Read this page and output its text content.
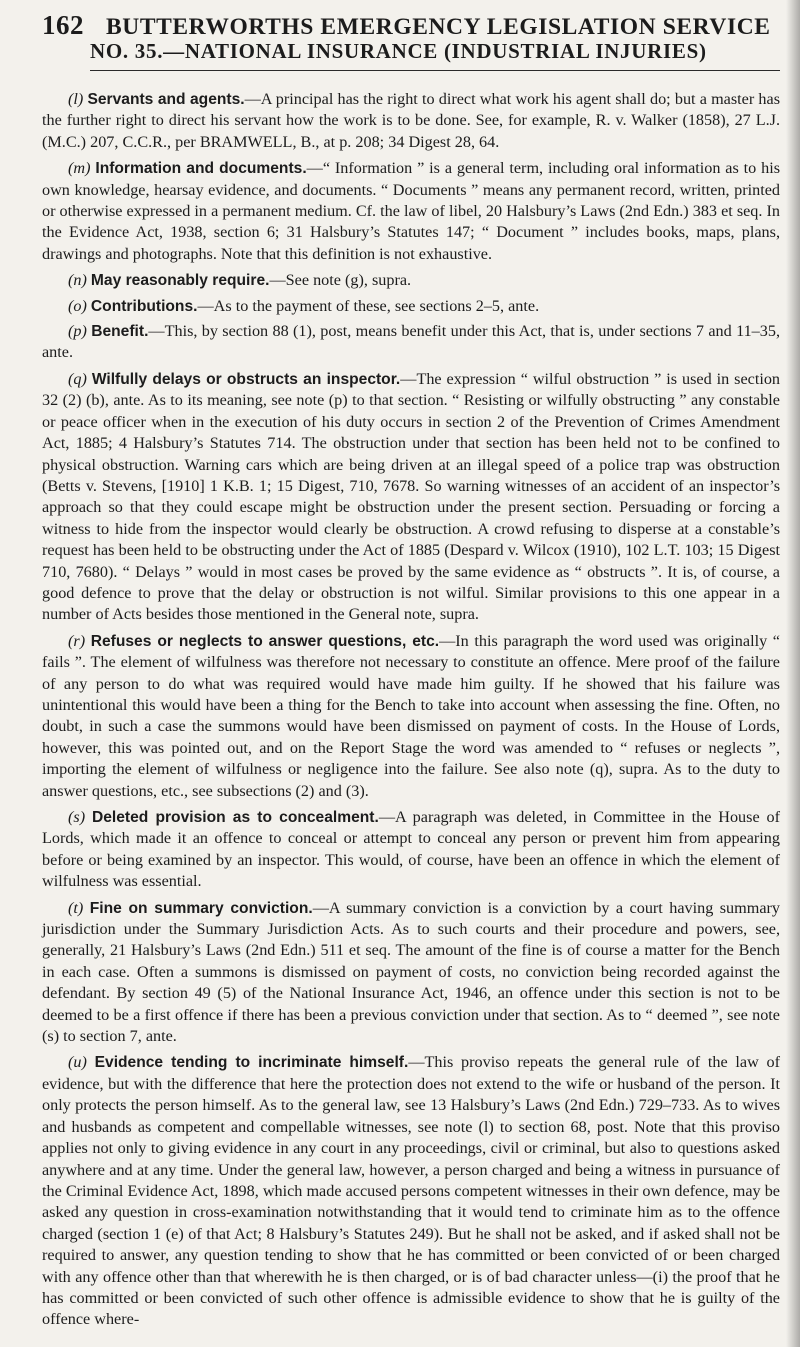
162 BUTTERWORTHS EMERGENCY LEGISLATION SERVICE
NO. 35.—NATIONAL INSURANCE (INDUSTRIAL INJURIES)

(l) Servants and agents.—A principal has the right to direct what work his agent shall do; but a master has the further right to direct his servant how the work is to be done. See, for example, R. v. Walker (1858), 27 L.J. (M.C.) 207, C.C.R., per BRAMWELL, B., at p. 208; 34 Digest 28, 64.

(m) Information and documents.—“ Information ” is a general term, including oral information as to his own knowledge, hearsay evidence, and documents. “ Documents ” means any permanent record, written, printed or otherwise expressed in a permanent medium. Cf. the law of libel, 20 Halsbury’s Laws (2nd Edn.) 383 et seq. In the Evidence Act, 1938, section 6; 31 Halsbury’s Statutes 147; “ Document ” includes books, maps, plans, drawings and photographs. Note that this definition is not exhaustive.

(n) May reasonably require.—See note (g), supra.

(o) Contributions.—As to the payment of these, see sections 2–5, ante.

(p) Benefit.—This, by section 88 (1), post, means benefit under this Act, that is, under sections 7 and 11–35, ante.

(q) Wilfully delays or obstructs an inspector.—The expression “ wilful obstruction ” is used in section 32 (2) (b), ante. As to its meaning, see note (p) to that section. “ Resisting or wilfully obstructing ” any constable or peace officer when in the execution of his duty occurs in section 2 of the Prevention of Crimes Amendment Act, 1885; 4 Halsbury’s Statutes 714. The obstruction under that section has been held not to be confined to physical obstruction. Warning cars which are being driven at an illegal speed of a police trap was obstruction (Betts v. Stevens, [1910] 1 K.B. 1; 15 Digest, 710, 7678. So warning witnesses of an accident of an inspector’s approach so that they could escape might be obstruction under the present section. Persuading or forcing a witness to hide from the inspector would clearly be obstruction. A crowd refusing to disperse at a constable’s request has been held to be obstructing under the Act of 1885 (Despard v. Wilcox (1910), 102 L.T. 103; 15 Digest 710, 7680). “ Delays ” would in most cases be proved by the same evidence as “ obstructs ”. It is, of course, a good defence to prove that the delay or obstruction is not wilful. Similar provisions to this one appear in a number of Acts besides those mentioned in the General note, supra.

(r) Refuses or neglects to answer questions, etc.—In this paragraph the word used was originally “ fails ”. The element of wilfulness was therefore not necessary to constitute an offence. Mere proof of the failure of any person to do what was required would have made him guilty. If he showed that his failure was unintentional this would have been a thing for the Bench to take into account when assessing the fine. Often, no doubt, in such a case the summons would have been dismissed on payment of costs. In the House of Lords, however, this was pointed out, and on the Report Stage the word was amended to “ refuses or neglects ”, importing the element of wilfulness or negligence into the failure. See also note (q), supra. As to the duty to answer questions, etc., see subsections (2) and (3).

(s) Deleted provision as to concealment.—A paragraph was deleted, in Committee in the House of Lords, which made it an offence to conceal or attempt to conceal any person or prevent him from appearing before or being examined by an inspector. This would, of course, have been an offence in which the element of wilfulness was essential.

(t) Fine on summary conviction.—A summary conviction is a conviction by a court having summary jurisdiction under the Summary Jurisdiction Acts. As to such courts and their procedure and powers, see, generally, 21 Halsbury’s Laws (2nd Edn.) 511 et seq. The amount of the fine is of course a matter for the Bench in each case. Often a summons is dismissed on payment of costs, no conviction being recorded against the defendant. By section 49 (5) of the National Insurance Act, 1946, an offence under this section is not to be deemed to be a first offence if there has been a previous conviction under that section. As to “ deemed ”, see note (s) to section 7, ante.

(u) Evidence tending to incriminate himself.—This proviso repeats the general rule of the law of evidence, but with the difference that here the protection does not extend to the wife or husband of the person. It only protects the person himself. As to the general law, see 13 Halsbury’s Laws (2nd Edn.) 729–733. As to wives and husbands as competent and compellable witnesses, see note (l) to section 68, post. Note that this proviso applies not only to giving evidence in any court in any proceedings, civil or criminal, but also to questions asked anywhere and at any time. Under the general law, however, a person charged and being a witness in pursuance of the Criminal Evidence Act, 1898, which made accused persons competent witnesses in their own defence, may be asked any question in cross-examination notwithstanding that it would tend to criminate him as to the offence charged (section 1 (e) of that Act; 8 Halsbury’s Statutes 249). But he shall not be asked, and if asked shall not be required to answer, any question tending to show that he has committed or been convicted of or been charged with any offence other than that wherewith he is then charged, or is of bad character unless—(i) the proof that he has committed or been convicted of such other offence is admissible evidence to show that he is guilty of the offence where-
